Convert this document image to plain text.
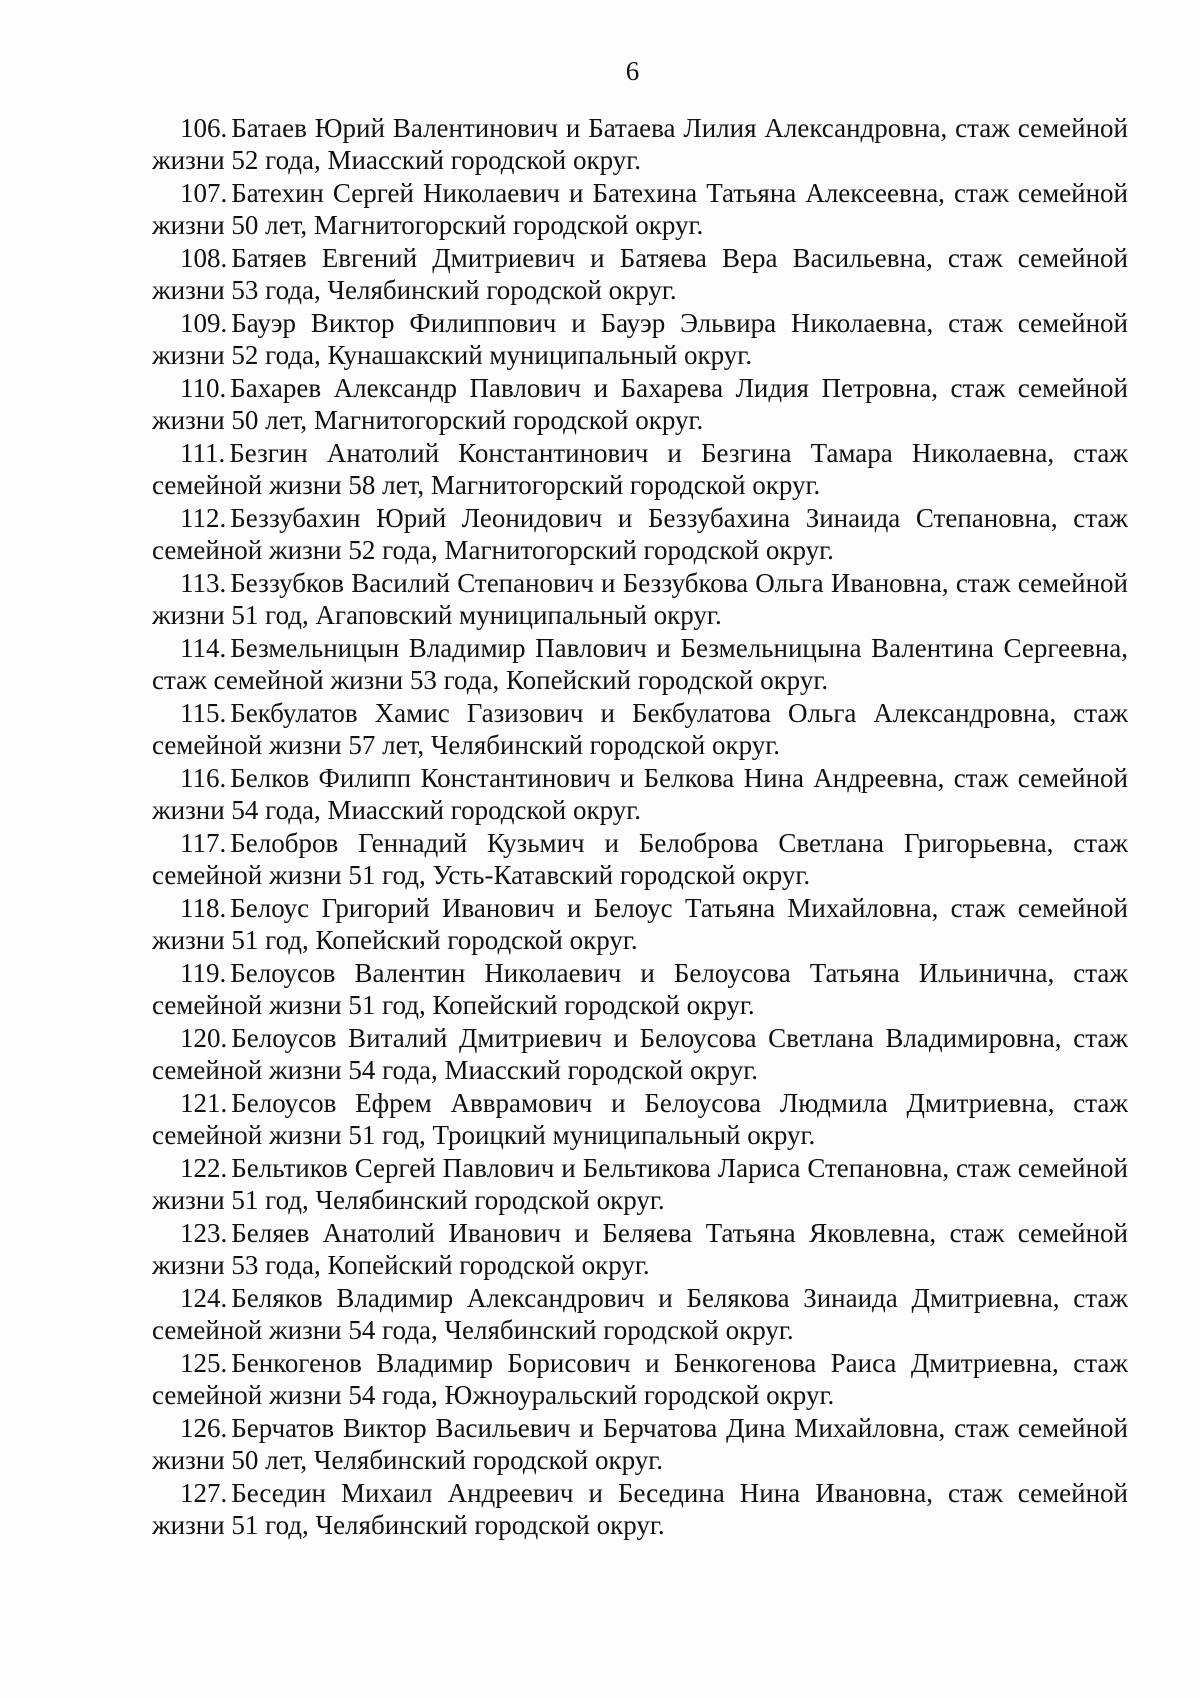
6
106. Батаев Юрий Валентинович и Батаева Лилия Александровна, стаж семейной жизни 52 года, Миасский городской округ.
107. Батехин Сергей Николаевич и Батехина Татьяна Алексеевна, стаж семейной жизни 50 лет, Магнитогорский городской округ.
108. Батяев Евгений Дмитриевич и Батяева Вера Васильевна, стаж семейной жизни 53 года, Челябинский городской округ.
109. Бауэр Виктор Филиппович и Бауэр Эльвира Николаевна, стаж семейной жизни 52 года, Кунашакский муниципальный округ.
110. Бахарев Александр Павлович и Бахарева Лидия Петровна, стаж семейной жизни 50 лет, Магнитогорский городской округ.
111. Безгин Анатолий Константинович и Безгина Тамара Николаевна, стаж семейной жизни 58 лет, Магнитогорский городской округ.
112. Беззубахин Юрий Леонидович и Беззубахина Зинаида Степановна, стаж семейной жизни 52 года, Магнитогорский городской округ.
113. Беззубков Василий Степанович и Беззубкова Ольга Ивановна, стаж семейной жизни 51 год, Агаповский муниципальный округ.
114. Безмельницын Владимир Павлович и Безмельницына Валентина Сергеевна, стаж семейной жизни 53 года, Копейский городской округ.
115. Бекбулатов Хамис Газизович и Бекбулатова Ольга Александровна, стаж семейной жизни 57 лет, Челябинский городской округ.
116. Белков Филипп Константинович и Белкова Нина Андреевна, стаж семейной жизни 54 года, Миасский городской округ.
117. Белобров Геннадий Кузьмич и Белоброва Светлана Григорьевна, стаж семейной жизни 51 год, Усть-Катавский городской округ.
118. Белоус Григорий Иванович и Белоус Татьяна Михайловна, стаж семейной жизни 51 год, Копейский городской округ.
119. Белоусов Валентин Николаевич и Белоусова Татьяна Ильинична, стаж семейной жизни 51 год, Копейский городской округ.
120. Белоусов Виталий Дмитриевич и Белоусова Светлана Владимировна, стаж семейной жизни 54 года, Миасский городской округ.
121. Белоусов Ефрем Авврамович и Белоусова Людмила Дмитриевна, стаж семейной жизни 51 год, Троицкий муниципальный округ.
122. Бельтиков Сергей Павлович и Бельтикова Лариса Степановна, стаж семейной жизни 51 год, Челябинский городской округ.
123. Беляев Анатолий Иванович и Беляева Татьяна Яковлевна, стаж семейной жизни 53 года, Копейский городской округ.
124. Беляков Владимир Александрович и Белякова Зинаида Дмитриевна, стаж семейной жизни 54 года, Челябинский городской округ.
125. Бенкогенов Владимир Борисович и Бенкогенова Раиса Дмитриевна, стаж семейной жизни 54 года, Южноуральский городской округ.
126. Берчатов Виктор Васильевич и Берчатова Дина Михайловна, стаж семейной жизни 50 лет, Челябинский городской округ.
127. Беседин Михаил Андреевич и Беседина Нина Ивановна, стаж семейной жизни 51 год, Челябинский городской округ.
